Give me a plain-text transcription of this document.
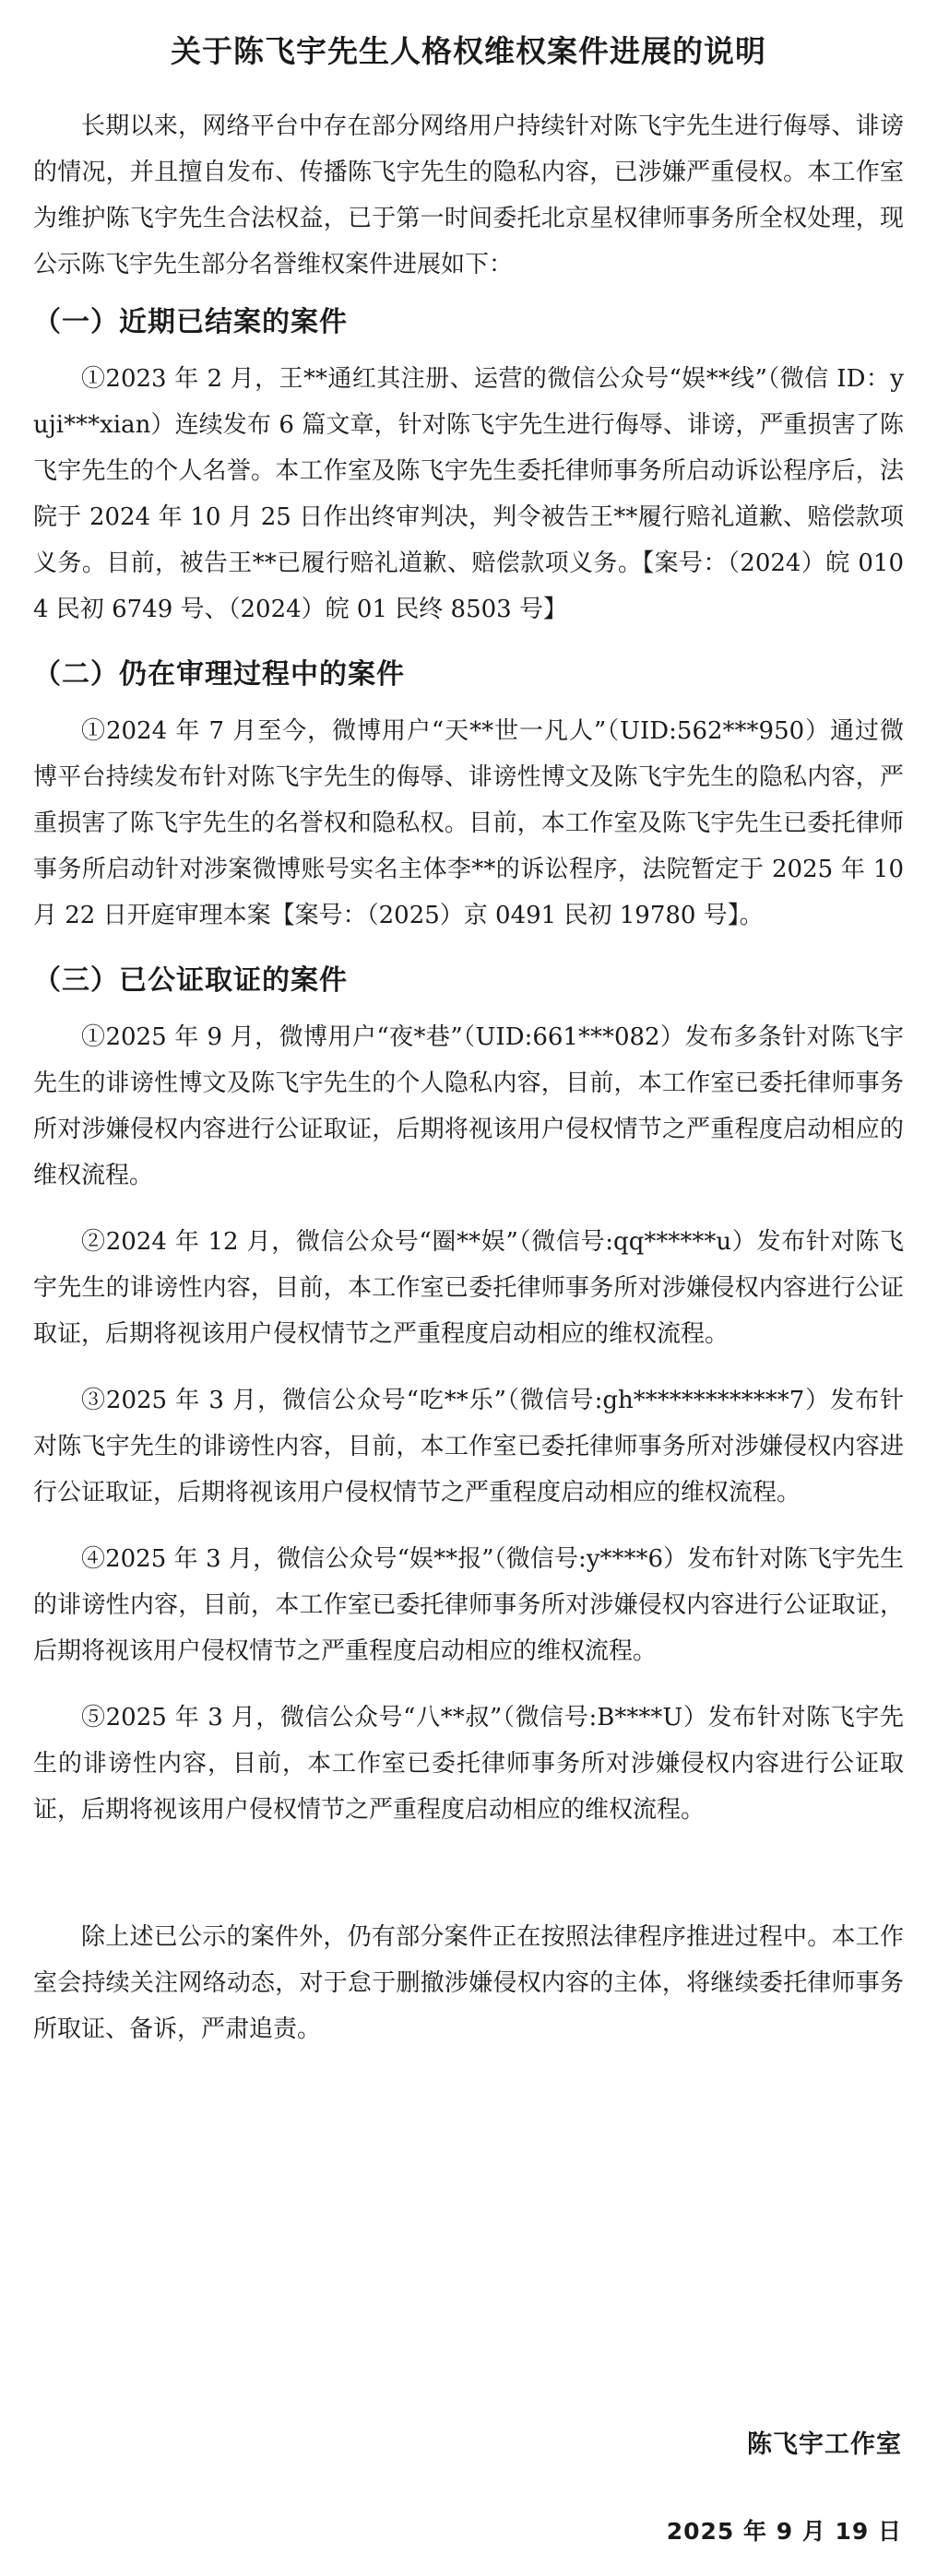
关于陈飞宇先生人格权维权案件进展的说明

长期以来，网络平台中存在部分网络用户持续针对陈飞宇先生进行侮辱、诽谤的情况，并且擅自发布、传播陈飞宇先生的隐私内容，已涉嫌严重侵权。本工作室为维护陈飞宇先生合法权益，已于第一时间委托北京星权律师事务所全权处理，现公示陈飞宇先生部分名誉维权案件进展如下：

（一）近期已结案的案件

①2023 年 2 月，王**通红其注册、运营的微信公众号“娱**线”（微信 ID：yuji***xian）连续发布 6 篇文章，针对陈飞宇先生进行侮辱、诽谤，严重损害了陈飞宇先生的个人名誉。本工作室及陈飞宇先生委托律师事务所启动诉讼程序后，法院于 2024 年 10 月 25 日作出终审判决，判令被告王**履行赔礼道歉、赔偿款项义务。目前，被告王**已履行赔礼道歉、赔偿款项义务。【案号：（2024）皖 0104 民初 6749 号、（2024）皖 01 民终 8503 号】

（二）仍在审理过程中的案件

①2024 年 7 月至今，微博用户“天**世一凡人”（UID:562***950）通过微博平台持续发布针对陈飞宇先生的侮辱、诽谤性博文及陈飞宇先生的隐私内容，严重损害了陈飞宇先生的名誉权和隐私权。目前，本工作室及陈飞宇先生已委托律师事务所启动针对涉案微博账号实名主体李**的诉讼程序，法院暂定于 2025 年 10 月 22 日开庭审理本案【案号：（2025）京 0491 民初 19780 号】。

（三）已公证取证的案件

①2025 年 9 月，微博用户“夜*巷”（UID:661***082）发布多条针对陈飞宇先生的诽谤性博文及陈飞宇先生的个人隐私内容，目前，本工作室已委托律师事务所对涉嫌侵权内容进行公证取证，后期将视该用户侵权情节之严重程度启动相应的维权流程。

②2024 年 12 月，微信公众号“圈**娱”（微信号:qq******u）发布针对陈飞宇先生的诽谤性内容，目前，本工作室已委托律师事务所对涉嫌侵权内容进行公证取证，后期将视该用户侵权情节之严重程度启动相应的维权流程。

③2025 年 3 月，微信公众号“吃**乐”（微信号:gh*************7）发布针对陈飞宇先生的诽谤性内容，目前，本工作室已委托律师事务所对涉嫌侵权内容进行公证取证，后期将视该用户侵权情节之严重程度启动相应的维权流程。

④2025 年 3 月，微信公众号“娱**报”（微信号:y****6）发布针对陈飞宇先生的诽谤性内容，目前，本工作室已委托律师事务所对涉嫌侵权内容进行公证取证，后期将视该用户侵权情节之严重程度启动相应的维权流程。

⑤2025 年 3 月，微信公众号“八**叔”（微信号:B****U）发布针对陈飞宇先生的诽谤性内容，目前，本工作室已委托律师事务所对涉嫌侵权内容进行公证取证，后期将视该用户侵权情节之严重程度启动相应的维权流程。

除上述已公示的案件外，仍有部分案件正在按照法律程序推进过程中。本工作室会持续关注网络动态，对于怠于删撤涉嫌侵权内容的主体，将继续委托律师事务所取证、备诉，严肃追责。

陈飞宇工作室
2025 年 9 月 19 日
